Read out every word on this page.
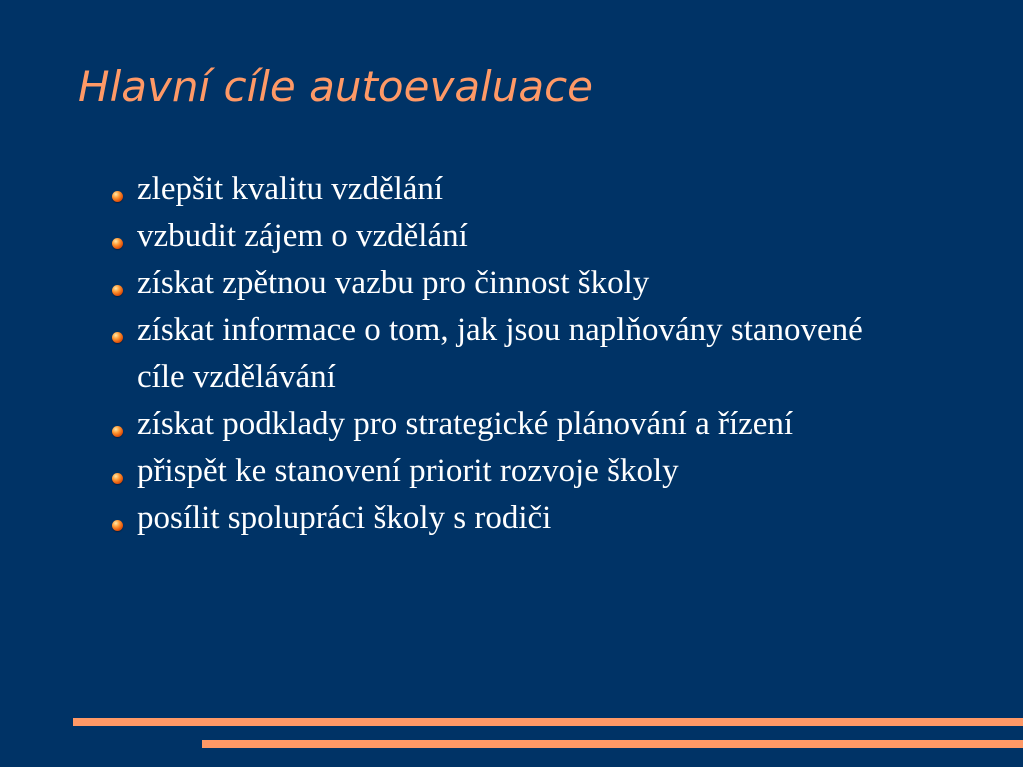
Hlavní cíle autoevaluace
zlepšit kvalitu vzdělání
vzbudit zájem o vzdělání
získat zpětnou vazbu pro činnost školy
získat informace o tom, jak jsou naplňovány stanovené cíle vzdělávání
získat podklady pro strategické plánování a řízení
přispět ke stanovení priorit rozvoje školy
posílit spolupráci školy s rodiči
